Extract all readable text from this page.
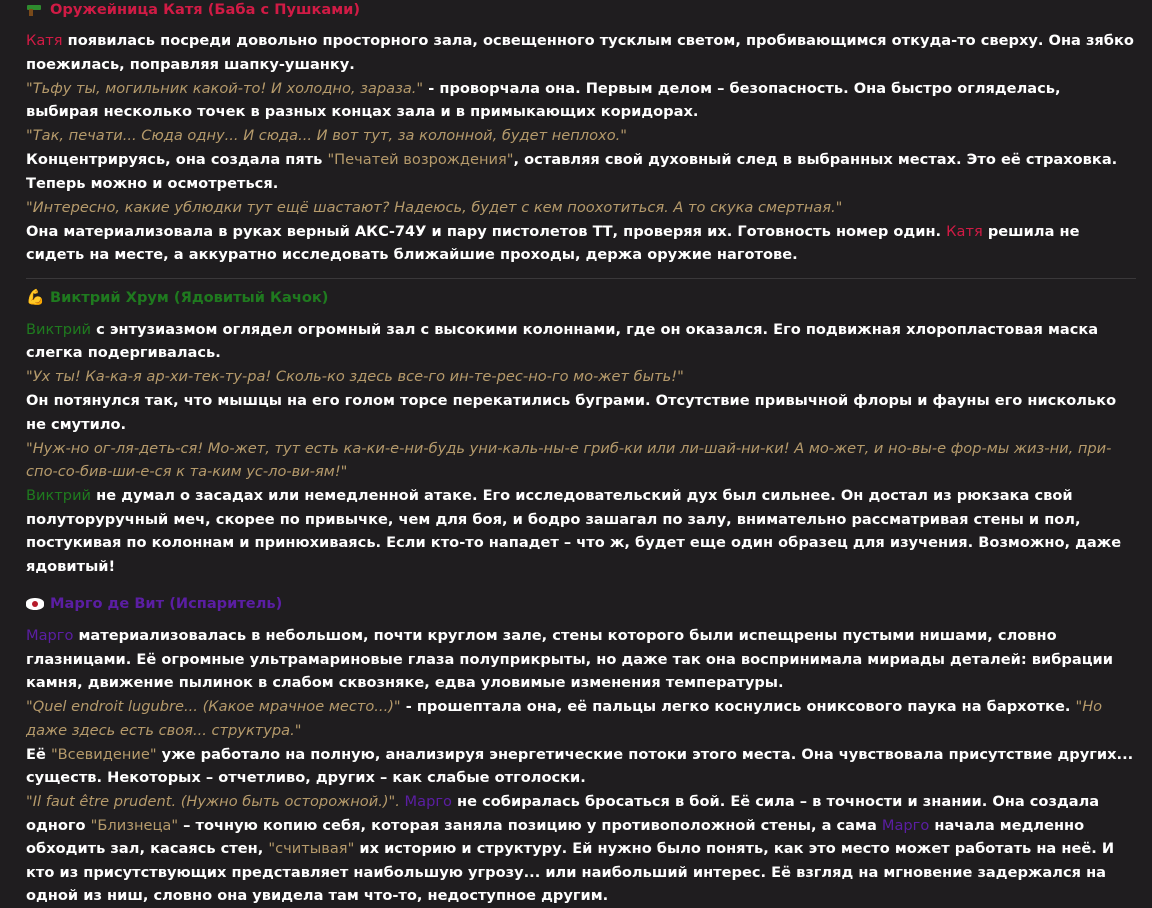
Оружейница Катя (Баба с Пушками)

Катя появилась посреди довольно просторного зала, освещенного тусклым светом, пробивающимся откуда-то сверху. Она зябко поежилась, поправляя шапку-ушанку.

"Тьфу ты, могильник какой-то! И холодно, зараза." - проворчала она. Первым делом – безопасность. Она быстро огляделась, выбирая несколько точек в разных концах зала и в примыкающих коридорах.

"Так, печати... Сюда одну... И сюда... И вот тут, за колонной, будет неплохо."

Концентрируясь, она создала пять "Печатей возрождения", оставляя свой духовный след в выбранных местах. Это её страховка. Теперь можно и осмотреться.

"Интересно, какие ублюдки тут ещё шастают? Надеюсь, будет с кем поохотиться. А то скука смертная."

Она материализовала в руках верный АКС-74У и пару пистолетов ТТ, проверяя их. Готовность номер один. Катя решила не сидеть на месте, а аккуратно исследовать ближайшие проходы, держа оружие наготове.

💪
Виктрий Хрум (Ядовитый Качок)

Виктрий с энтузиазмом оглядел огромный зал с высокими колоннами, где он оказался. Его подвижная хлоропластовая маска слегка подергивалась.

"Ух ты! Ка-ка-я ар-хи-тек-ту-ра! Сколь-ко здесь все-го ин-те-рес-но-го мо-жет быть!"

Он потянулся так, что мышцы на его голом торсе перекатились буграми. Отсутствие привычной флоры и фауны его нисколько не смутило.

"Нуж-но ог-ля-деть-ся! Мо-жет, тут есть ка-ки-е-ни-будь уни-каль-ны-е гриб-ки или ли-шай-ни-ки! А мо-жет, и но-вы-е фор-мы жиз-ни, при-спо-со-бив-ши-е-ся к та-ким ус-ло-ви-ям!"

Виктрий не думал о засадах или немедленной атаке. Его исследовательский дух был сильнее. Он достал из рюкзака свой полуторуручный меч, скорее по привычке, чем для боя, и бодро зашагал по залу, внимательно рассматривая стены и пол, постукивая по колоннам и принюхиваясь. Если кто-то нападет – что ж, будет еще один образец для изучения. Возможно, даже ядовитый!

Марго де Вит (Испаритель)

Марго материализовалась в небольшом, почти круглом зале, стены которого были испещрены пустыми нишами, словно глазницами. Её огромные ультрамариновые глаза полуприкрыты, но даже так она воспринимала мириады деталей: вибрации камня, движение пылинок в слабом сквозняке, едва уловимые изменения температуры.

"Quel endroit lugubre... (Какое мрачное место...)" - прошептала она, её пальцы легко коснулись ониксового паука на бархотке. "Но даже здесь есть своя... структура."

Её "Всевидение" уже работало на полную, анализируя энергетические потоки этого места. Она чувствовала присутствие других... существ. Некоторых – отчетливо, других – как слабые отголоски.

"Il faut être prudent. (Нужно быть осторожной.)". Марго не собиралась бросаться в бой. Её сила – в точности и знании. Она создала одного "Близнеца" – точную копию себя, которая заняла позицию у противоположной стены, а сама Марго начала медленно обходить зал, касаясь стен, "считывая" их историю и структуру. Ей нужно было понять, как это место может работать на неё. И кто из присутствующих представляет наибольшую угрозу... или наибольший интерес. Её взгляд на мгновение задержался на одной из ниш, словно она увидела там что-то, недоступное другим.
